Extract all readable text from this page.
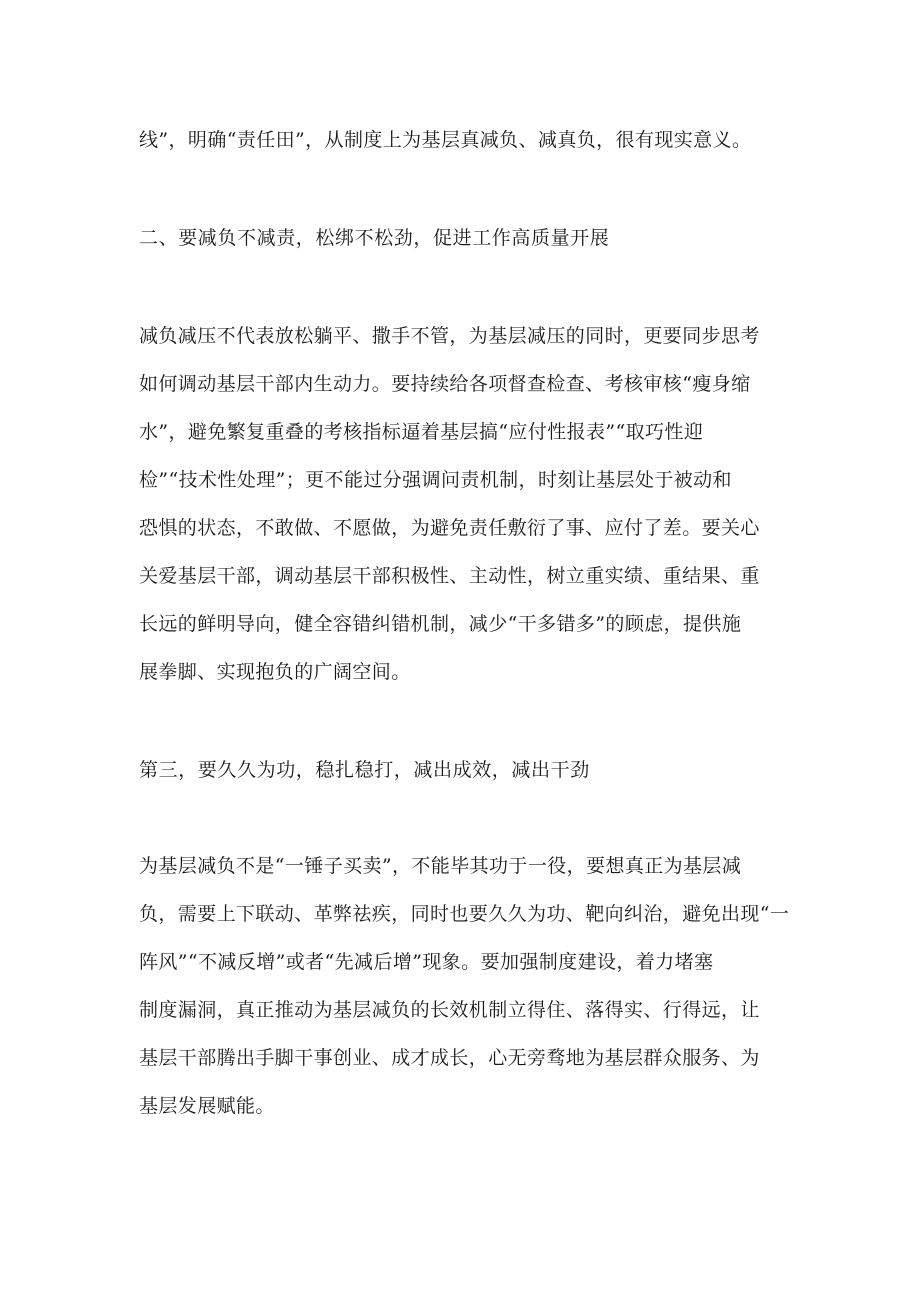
线”，明确“责任田”，从制度上为基层真减负、减真负，很有现实意义。
二、要减负不减责，松绑不松劲，促进工作高质量开展
减负减压不代表放松躺平、撒手不管，为基层减压的同时，更要同步思考
如何调动基层干部内生动力。要持续给各项督查检查、考核审核“瘦身缩
水”，避免繁复重叠的考核指标逼着基层搞“应付性报表”“取巧性迎
检”“技术性处理”；更不能过分强调问责机制，时刻让基层处于被动和
恐惧的状态，不敢做、不愿做，为避免责任敷衍了事、应付了差。要关心
关爱基层干部，调动基层干部积极性、主动性，树立重实绩、重结果、重
长远的鲜明导向，健全容错纠错机制，减少“干多错多”的顾虑，提供施
展拳脚、实现抱负的广阔空间。
第三，要久久为功，稳扎稳打，减出成效，减出干劲
为基层减负不是“一锤子买卖”，不能毕其功于一役，要想真正为基层减
负，需要上下联动、革弊祛疾，同时也要久久为功、靶向纠治，避免出现“一
阵风”“不减反增”或者“先减后增”现象。要加强制度建设，着力堵塞
制度漏洞，真正推动为基层减负的长效机制立得住、落得实、行得远，让
基层干部腾出手脚干事创业、成才成长，心无旁骛地为基层群众服务、为
基层发展赋能。
